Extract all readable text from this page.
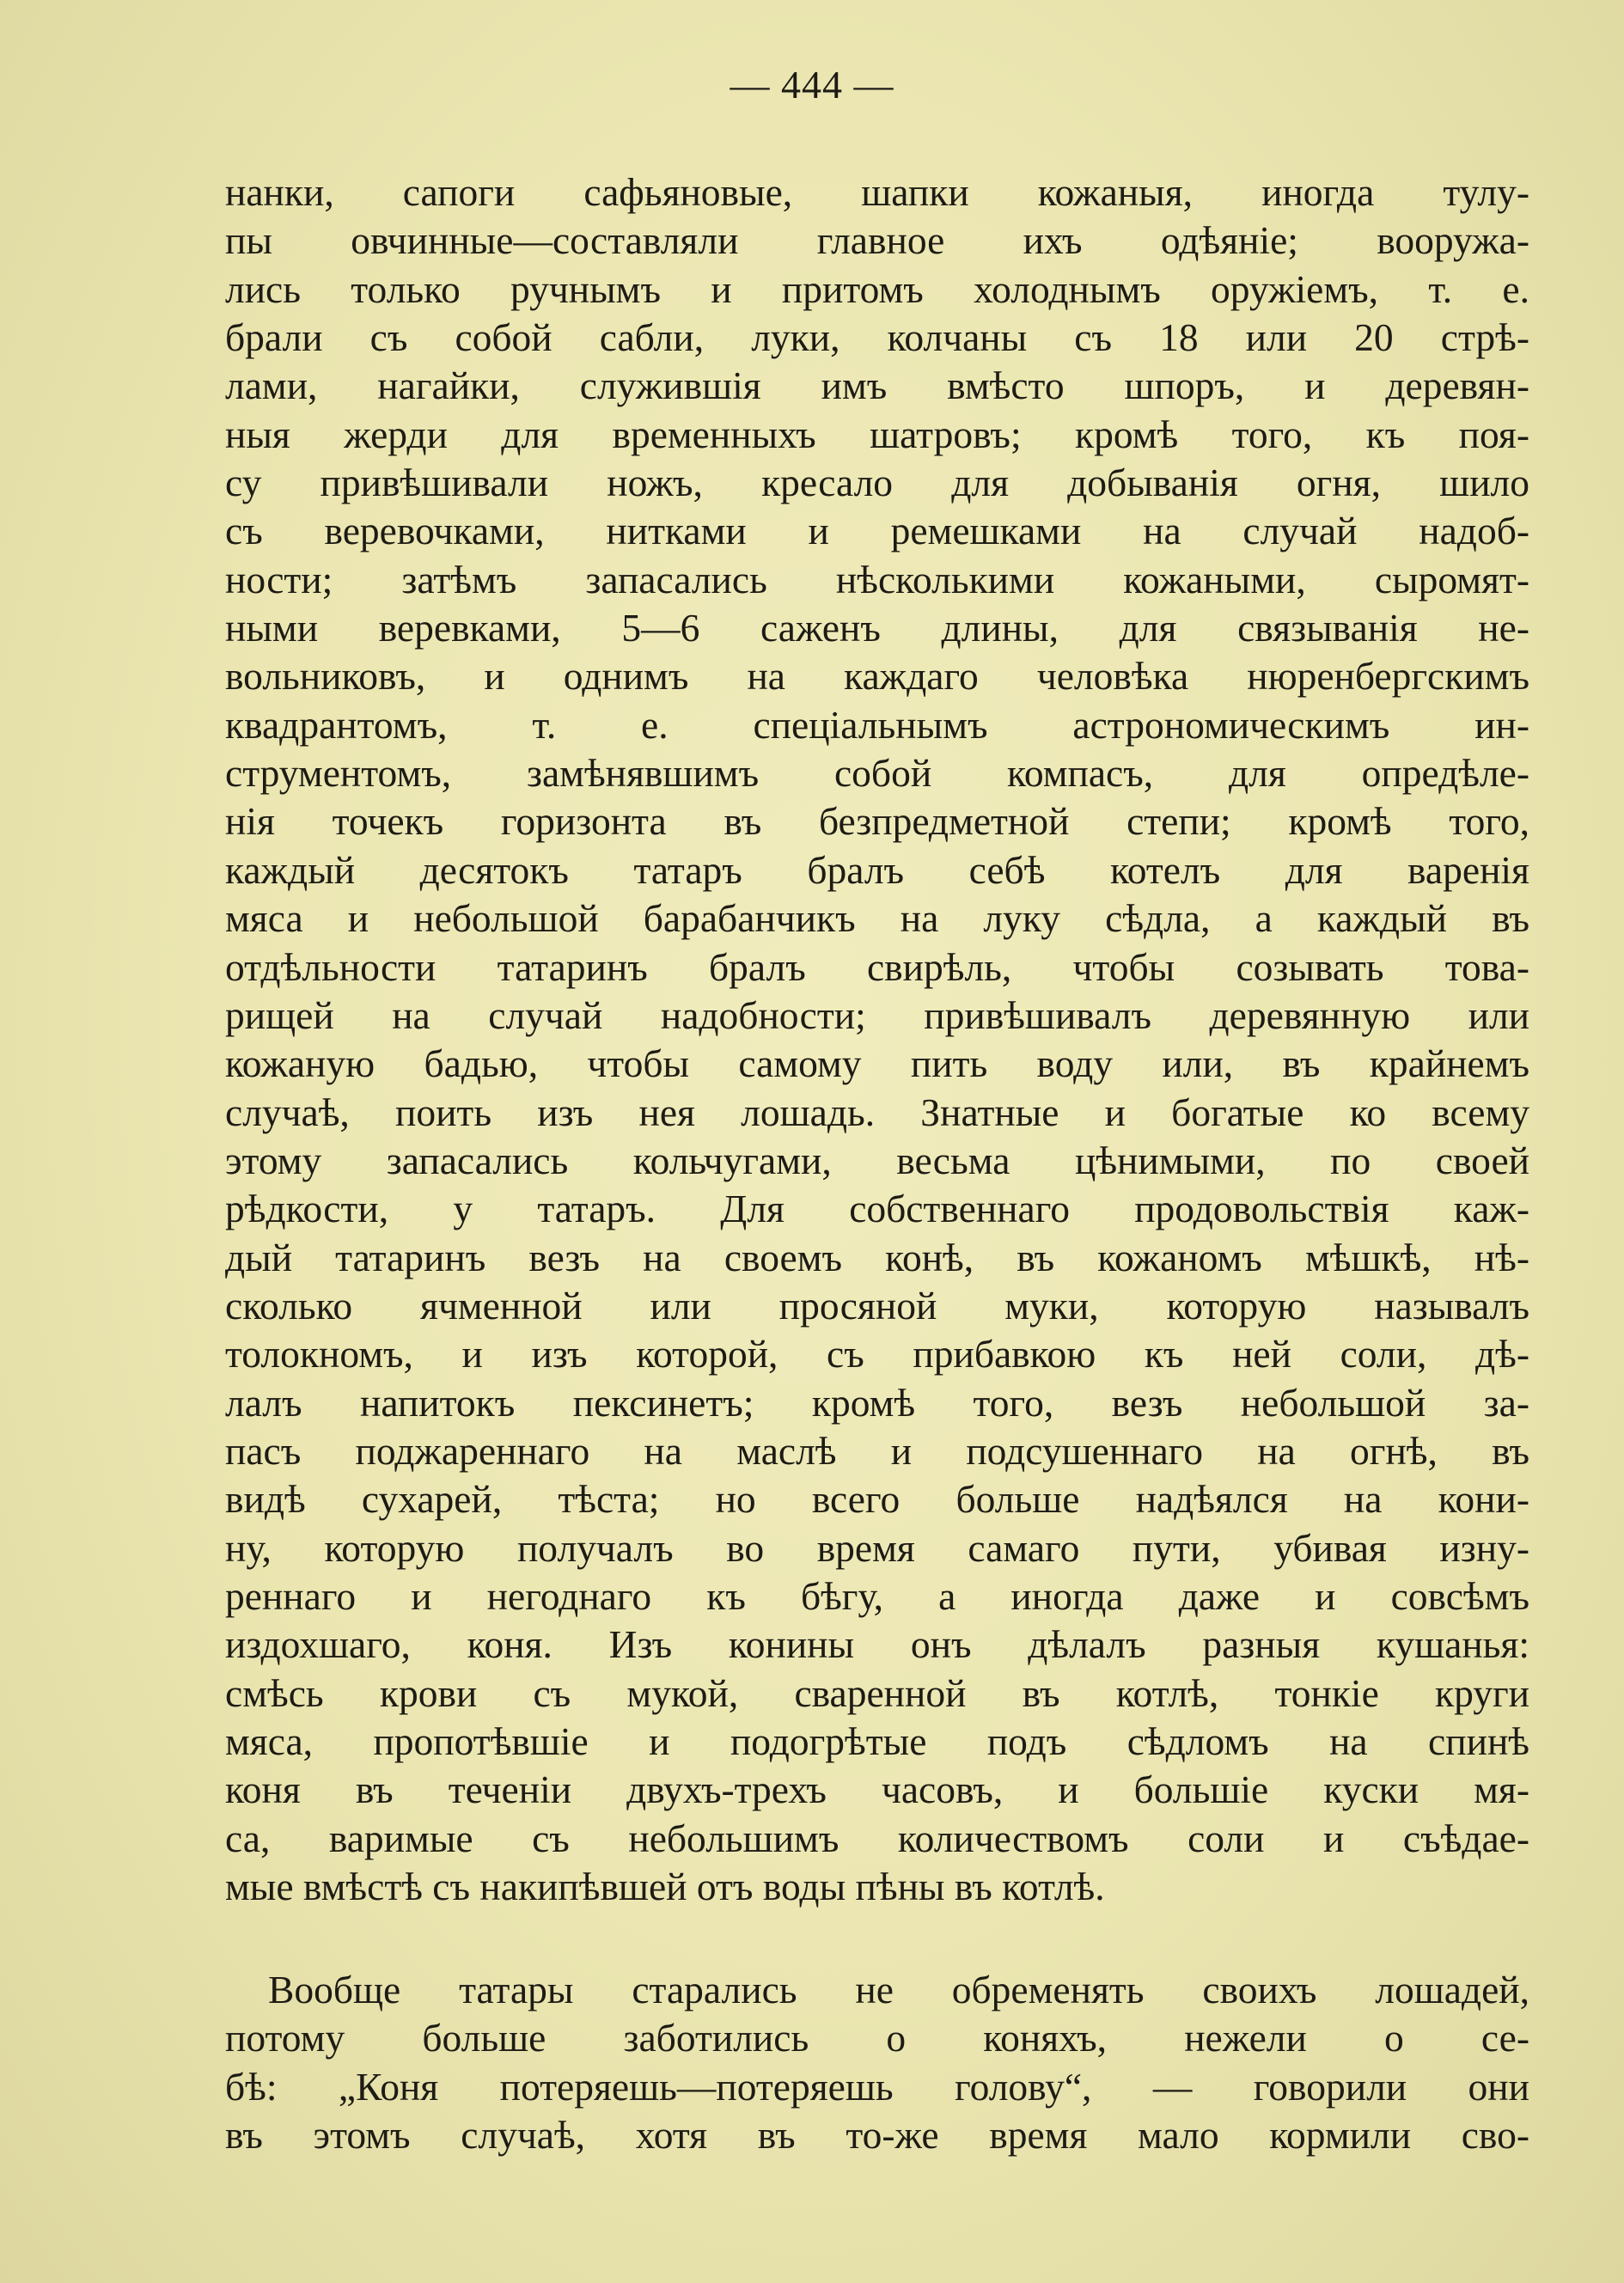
— 444 —
нанки, сапоги сафьяновые, шапки кожаныя, иногда тулу-
пы овчинные—составляли главное ихъ одѣяніе; вооружа-
лись только ручнымъ и притомъ холоднымъ оружіемъ, т. е.
брали съ собой сабли, луки, колчаны съ 18 или 20 стрѣ-
лами, нагайки, служившія имъ вмѣсто шпоръ, и деревян-
ныя жерди для временныхъ шатровъ; кромѣ того, къ поя-
су привѣшивали ножъ, кресало для добыванія огня, шило
съ веревочками, нитками и ремешками на случай надоб-
ности; затѣмъ запасались нѣсколькими кожаными, сыромят-
ными веревками, 5—6 саженъ длины, для связыванія не-
вольниковъ, и однимъ на каждаго человѣка нюренбергскимъ
квадрантомъ, т. е. спеціальнымъ астрономическимъ ин-
струментомъ, замѣнявшимъ собой компасъ, для опредѣле-
нія точекъ горизонта въ безпредметной степи; кромѣ того,
каждый десятокъ татаръ бралъ себѣ котелъ для варенія
мяса и небольшой барабанчикъ на луку сѣдла, а каждый въ
отдѣльности татаринъ бралъ свирѣль, чтобы созывать това-
рищей на случай надобности; привѣшивалъ деревянную или
кожаную бадью, чтобы самому пить воду или, въ крайнемъ
случаѣ, поить изъ нея лошадь. Знатные и богатые ко всему
этому запасались кольчугами, весьма цѣнимыми, по своей
рѣдкости, у татаръ. Для собственнаго продовольствія каж-
дый татаринъ везъ на своемъ конѣ, въ кожаномъ мѣшкѣ, нѣ-
сколько ячменной или просяной муки, которую называлъ
толокномъ, и изъ которой, съ прибавкою къ ней соли, дѣ-
лалъ напитокъ пексинетъ; кромѣ того, везъ небольшой за-
пасъ поджареннаго на маслѣ и подсушеннаго на огнѣ, въ
видѣ сухарей, тѣста; но всего больше надѣялся на кони-
ну, которую получалъ во время самаго пути, убивая изну-
реннаго и негоднаго къ бѣгу, а иногда даже и совсѣмъ
издохшаго, коня. Изъ конины онъ дѣлалъ разныя кушанья:
смѣсь крови съ мукой, сваренной въ котлѣ, тонкіе круги
мяса, пропотѣвшіе и подогрѣтые подъ сѣдломъ на спинѣ
коня въ теченіи двухъ-трехъ часовъ, и большіе куски мя-
са, варимые съ небольшимъ количествомъ соли и съѣдае-
мые вмѣстѣ съ накипѣвшей отъ воды пѣны въ котлѣ.
Вообще татары старались не обременять своихъ лошадей,
потому больше заботились о коняхъ, нежели о се-
бѣ: „Коня потеряешь—потеряешь голову“, — говорили они
въ этомъ случаѣ, хотя въ то-же время мало кормили сво-
